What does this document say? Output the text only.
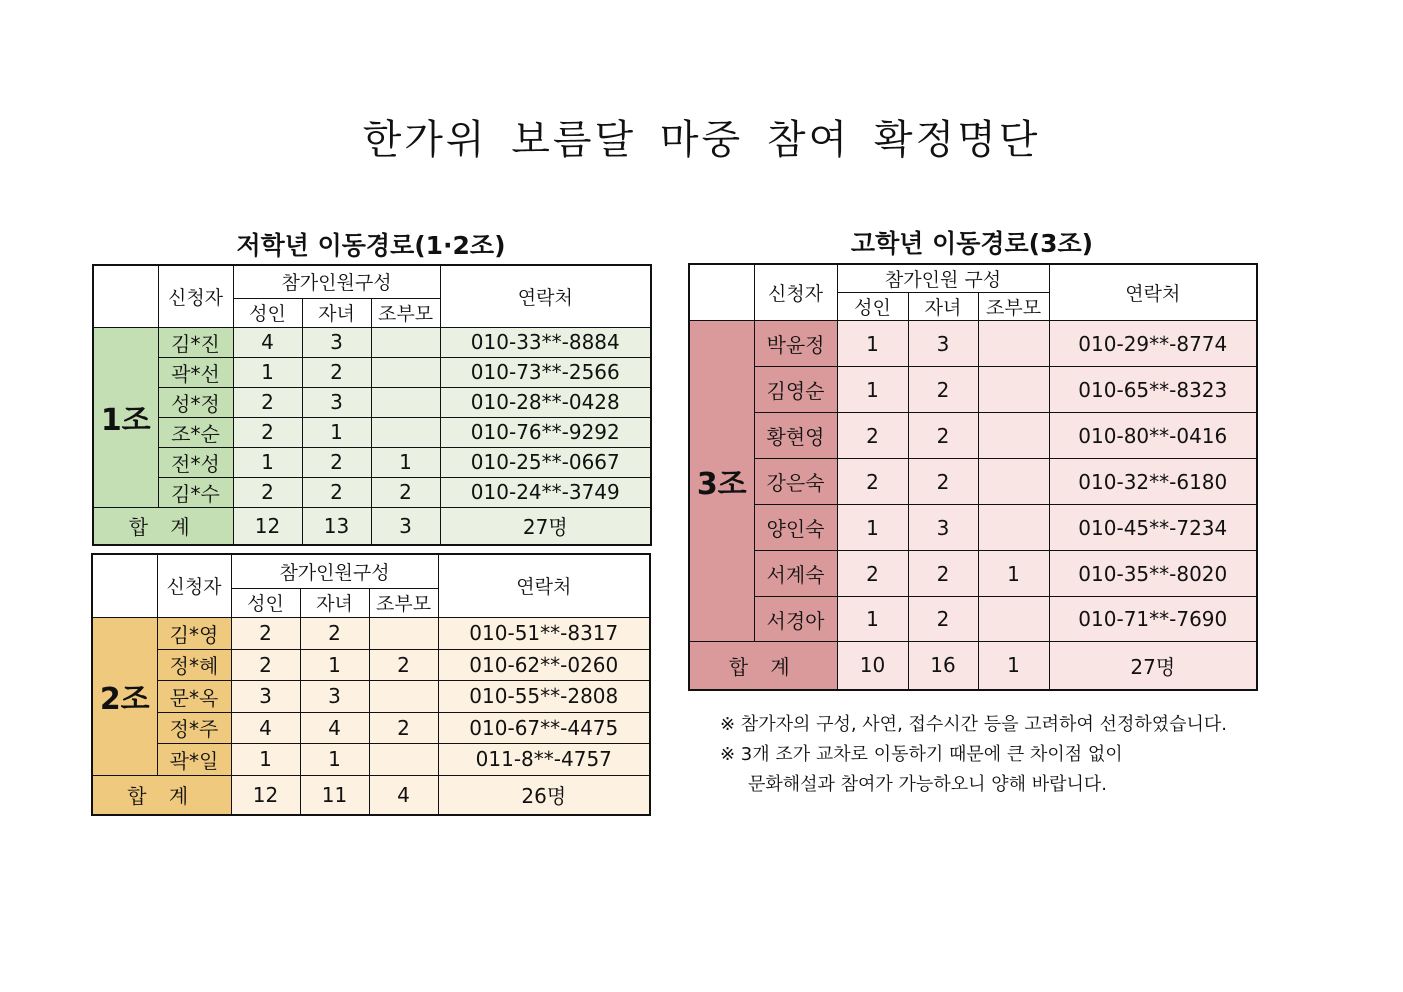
한가위 보름달 마중 참여 확정명단
저학년 이동경로(1·2조)	고학년 이동경로(3조)
	신청자	참가인원구성			연락처
		성인	자녀	조부모	
1조	김*진	4	3		010-33**-8884
	곽*선	1	2		010-73**-2566
	성*정	2	3		010-28**-0428
	조*순	2	1		010-76**-9292
	전*성	1	2	1	010-25**-0667
	김*수	2	2	2	010-24**-3749
합 계		12	13	3	27명
	신청자	참가인원구성			연락처
		성인	자녀	조부모	
2조	김*영	2	2		010-51**-8317
	정*혜	2	1	2	010-62**-0260
	문*옥	3	3		010-55**-2808
	정*주	4	4	2	010-67**-4475
	곽*일	1	1		011-8**-4757
합 계		12	11	4	26명
	신청자	참가인원 구성			연락처
		성인	자녀	조부모	
3조	박윤정	1	3		010-29**-8774
	김영순	1	2		010-65**-8323
	황현영	2	2		010-80**-0416
	강은숙	2	2		010-32**-6180
	양인숙	1	3		010-45**-7234
	서계숙	2	2	1	010-35**-8020
	서경아	1	2		010-71**-7690
합 계		10	16	1	27명
※ 참가자의 구성, 사연, 접수시간 등을 고려하여 선정하였습니다.
※ 3개 조가 교차로 이동하기 때문에 큰 차이점 없이
문화해설과 참여가 가능하오니 양해 바랍니다.
